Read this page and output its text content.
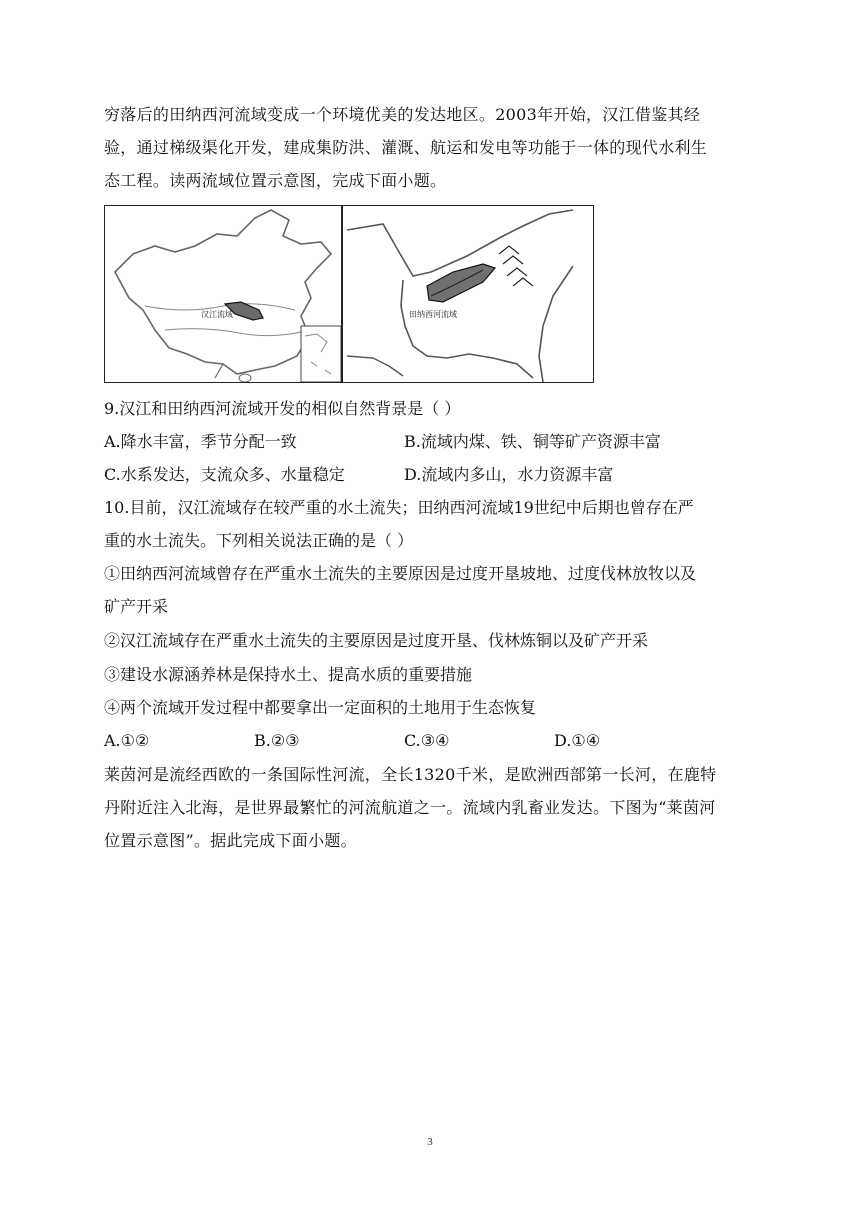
穷落后的田纳西河流域变成一个环境优美的发达地区。2003年开始，汉江借鉴其经
验，通过梯级渠化开发，建成集防洪、灌溉、航运和发电等功能于一体的现代水利生
态工程。读两流域位置示意图，完成下面小题。
汉江流域	田纳西河流域
9.汉江和田纳西河流域开发的相似自然背景是（ ）
A.降水丰富，季节分配一致	B.流域内煤、铁、铜等矿产资源丰富
C.水系发达，支流众多、水量稳定	D.流域内多山，水力资源丰富
10.目前，汉江流域存在较严重的水土流失；田纳西河流域19世纪中后期也曾存在严
重的水土流失。下列相关说法正确的是（ ）
①田纳西河流域曾存在严重水土流失的主要原因是过度开垦坡地、过度伐林放牧以及
矿产开采
②汉江流域存在严重水土流失的主要原因是过度开垦、伐林炼铜以及矿产开采
③建设水源涵养林是保持水土、提高水质的重要措施
④两个流域开发过程中都要拿出一定面积的土地用于生态恢复
A.①②	B.②③	C.③④	D.①④
莱茵河是流经西欧的一条国际性河流，全长1320千米，是欧洲西部第一长河，在鹿特
丹附近注入北海，是世界最繁忙的河流航道之一。流域内乳畜业发达。下图为“莱茵河
位置示意图”。据此完成下面小题。
3
